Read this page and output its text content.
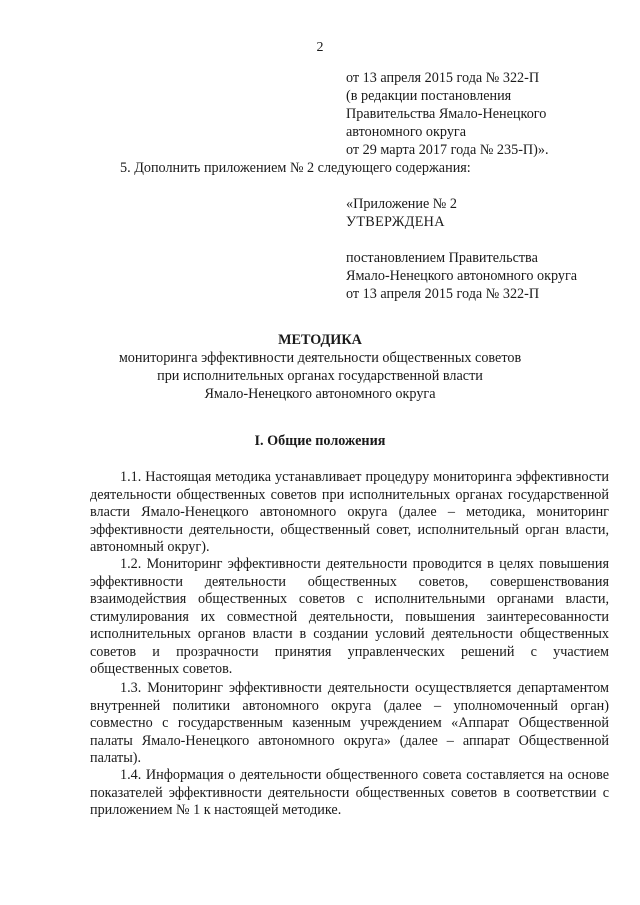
2
от 13 апреля 2015 года № 322-П
(в редакции постановления
Правительства Ямало-Ненецкого
автономного округа
от 29 марта 2017 года № 235-П)».
5. Дополнить приложением № 2 следующего содержания:
«Приложение № 2
УТВЕРЖДЕНА
постановлением Правительства
Ямало-Ненецкого автономного округа
от 13 апреля 2015 года № 322-П
МЕТОДИКА
мониторинга эффективности деятельности общественных советов
при исполнительных органах государственной власти
Ямало-Ненецкого автономного округа
I. Общие положения
1.1. Настоящая методика устанавливает процедуру мониторинга эффективности деятельности общественных советов при исполнительных органах государственной власти Ямало-Ненецкого автономного округа (далее – методика, мониторинг эффективности деятельности, общественный совет, исполнительный орган власти, автономный округ).
1.2. Мониторинг эффективности деятельности проводится в целях повышения эффективности деятельности общественных советов, совершенствования взаимодействия общественных советов с исполнительными органами власти, стимулирования их совместной деятельности, повышения заинтересованности исполнительных органов власти в создании условий деятельности общественных советов и прозрачности принятия управленческих решений с участием общественных советов.
1.3. Мониторинг эффективности деятельности осуществляется департаментом внутренней политики автономного округа (далее – уполномоченный орган) совместно с государственным казенным учреждением «Аппарат Общественной палаты Ямало-Ненецкого автономного округа» (далее – аппарат Общественной палаты).
1.4. Информация о деятельности общественного совета составляется на основе показателей эффективности деятельности общественных советов в соответствии с приложением № 1 к настоящей методике.
